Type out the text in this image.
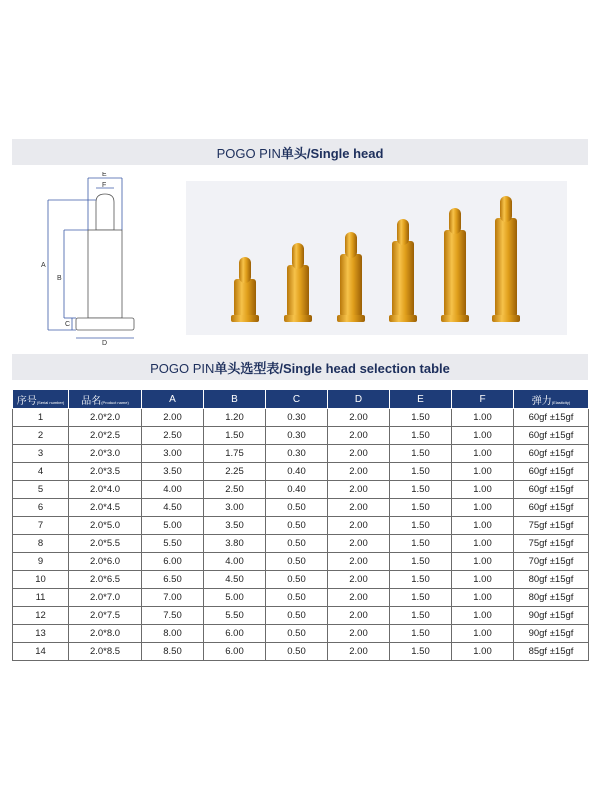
POGO PIN单头/Single head
A
B
C
D
E
F
POGO PIN单头选型表/Single head selection table
序号(Serial number)	品名(Product name)	A	B	C	D	E	F	弹力(Elasticity)
1	2.0*2.0	2.00	1.20	0.30	2.00	1.50	1.00	60gf ±15gf
2	2.0*2.5	2.50	1.50	0.30	2.00	1.50	1.00	60gf ±15gf
3	2.0*3.0	3.00	1.75	0.30	2.00	1.50	1.00	60gf ±15gf
4	2.0*3.5	3.50	2.25	0.40	2.00	1.50	1.00	60gf ±15gf
5	2.0*4.0	4.00	2.50	0.40	2.00	1.50	1.00	60gf ±15gf
6	2.0*4.5	4.50	3.00	0.50	2.00	1.50	1.00	60gf ±15gf
7	2.0*5.0	5.00	3.50	0.50	2.00	1.50	1.00	75gf ±15gf
8	2.0*5.5	5.50	3.80	0.50	2.00	1.50	1.00	75gf ±15gf
9	2.0*6.0	6.00	4.00	0.50	2.00	1.50	1.00	70gf ±15gf
10	2.0*6.5	6.50	4.50	0.50	2.00	1.50	1.00	80gf ±15gf
11	2.0*7.0	7.00	5.00	0.50	2.00	1.50	1.00	80gf ±15gf
12	2.0*7.5	7.50	5.50	0.50	2.00	1.50	1.00	90gf ±15gf
13	2.0*8.0	8.00	6.00	0.50	2.00	1.50	1.00	90gf ±15gf
14	2.0*8.5	8.50	6.00	0.50	2.00	1.50	1.00	85gf ±15gf
